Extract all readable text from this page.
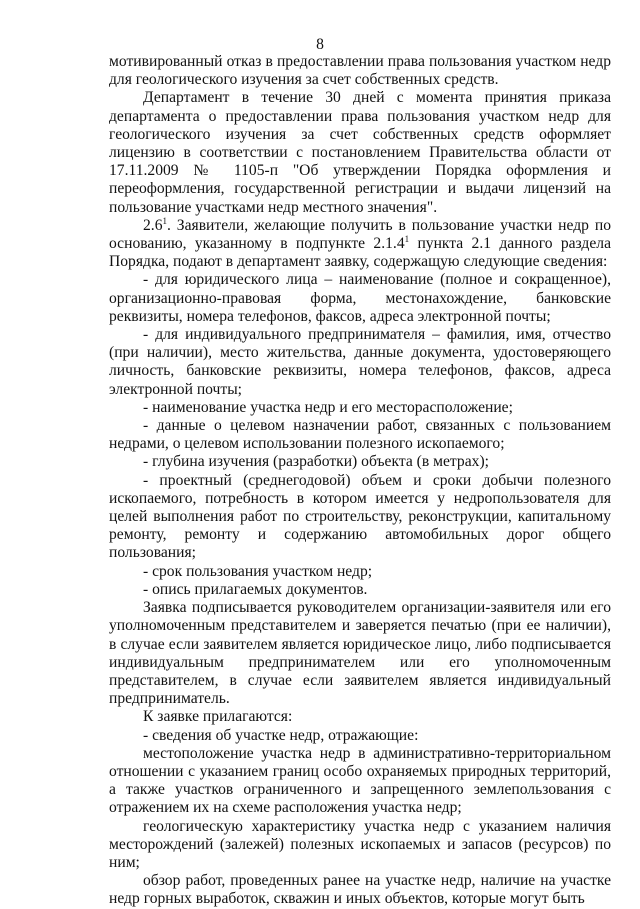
8

мотивированный отказ в предоставлении права пользования участком недр для геологического изучения за счет собственных средств.

Департамент в течение 30 дней с момента принятия приказа департамента о предоставлении права пользования участком недр для геологического изучения за счет собственных средств оформляет лицензию в соответствии с постановлением Правительства области от 17.11.2009 № 1105-п "Об утверждении Порядка оформления и переоформления, государственной регистрации и выдачи лицензий на пользование участками недр местного значения".

$2.6^1$. Заявители, желающие получить в пользование участки недр по основанию, указанному в подпункте 2.1.4$^1$ пункта 2.1 данного раздела Порядка, подают в департамент заявку, содержащую следующие сведения:

- для юридического лица – наименование (полное и сокращенное), организационно-правовая форма, местонахождение, банковские реквизиты, номера телефонов, факсов, адреса электронной почты;

- для индивидуального предпринимателя – фамилия, имя, отчество (при наличии), место жительства, данные документа, удостоверяющего личность, банковские реквизиты, номера телефонов, факсов, адреса электронной почты;

- наименование участка недр и его месторасположение;

- данные о целевом назначении работ, связанных с пользованием недрами, о целевом использовании полезного ископаемого;

- глубина изучения (разработки) объекта (в метрах);

- проектный (среднегодовой) объем и сроки добычи полезного ископаемого, потребность в котором имеется у недропользователя для целей выполнения работ по строительству, реконструкции, капитальному ремонту, ремонту и содержанию автомобильных дорог общего пользования;

- срок пользования участком недр;

- опись прилагаемых документов.

Заявка подписывается руководителем организации-заявителя или его уполномоченным представителем и заверяется печатью (при ее наличии), в случае если заявителем является юридическое лицо, либо подписывается индивидуальным предпринимателем или его уполномоченным представителем, в случае если заявителем является индивидуальный предприниматель.

К заявке прилагаются:

- сведения об участке недр, отражающие:

местоположение участка недр в административно-территориальном отношении с указанием границ особо охраняемых природных территорий, а также участков ограниченного и запрещенного землепользования с отражением их на схеме расположения участка недр;

геологическую характеристику участка недр с указанием наличия месторождений (залежей) полезных ископаемых и запасов (ресурсов) по ним;

обзор работ, проведенных ранее на участке недр, наличие на участке недр горных выработок, скважин и иных объектов, которые могут быть
